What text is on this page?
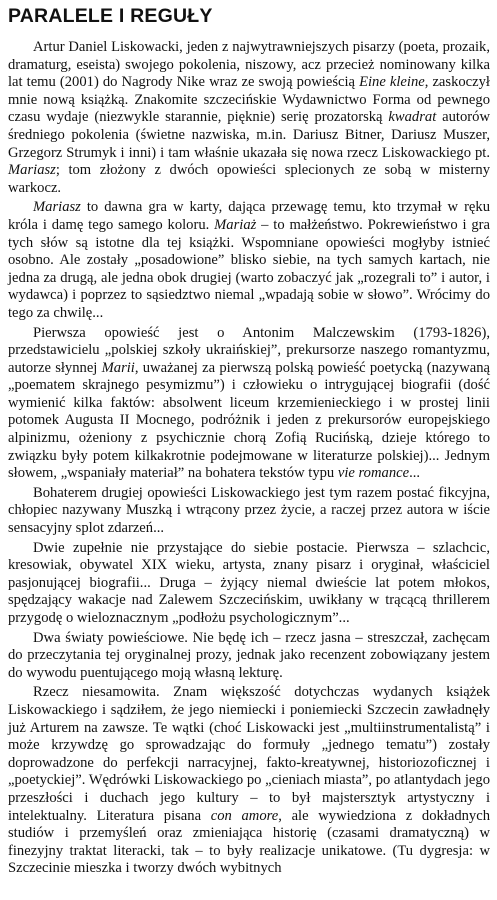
PARALELE I REGUŁY

Artur Daniel Liskowacki, jeden z najwytrawniejszych pisarzy (poeta, prozaik, dramaturg, eseista) swojego pokolenia, niszowy, acz przecież nominowany kilka lat temu (2001) do Nagrody Nike wraz ze swoją powieścią Eine kleine, zaskoczył mnie nową książką. Znakomite szczecińskie Wydawnictwo Forma od pewnego czasu wydaje (niezwykle starannie, pięknie) serię prozatorską kwadrat autorów średniego pokolenia (świetne nazwiska, m.in. Dariusz Bitner, Dariusz Muszer, Grzegorz Strumyk i inni) i tam właśnie ukazała się nowa rzecz Liskowackiego pt. Mariasz; tom złożony z dwóch opowieści splecionych ze sobą w misterny warkocz.

Mariasz to dawna gra w karty, dająca przewagę temu, kto trzymał w ręku króla i damę tego samego koloru. Mariaż – to małżeństwo. Pokrewieństwo i gra tych słów są istotne dla tej książki. Wspomniane opowieści mogłyby istnieć osobno. Ale zostały „posadowione” blisko siebie, na tych samych kartach, nie jedna za drugą, ale jedna obok drugiej (warto zobaczyć jak „rozegrali to” i autor, i wydawca) i poprzez to sąsiedztwo niemal „wpadają sobie w słowo”. Wrócimy do tego za chwilę...

Pierwsza opowieść jest o Antonim Malczewskim (1793-1826), przedstawicielu „polskiej szkoły ukraińskiej”, prekursorze naszego romantyzmu, autorze słynnej Marii, uważanej za pierwszą polską powieść poetycką (nazywaną „poematem skrajnego pesymizmu”) i człowieku o intrygującej biografii (dość wymienić kilka faktów: absolwent liceum krzemienieckiego i w prostej linii potomek Augusta II Mocnego, podróżnik i jeden z prekursorów europejskiego alpinizmu, ożeniony z psychicznie chorą Zofią Rucińską, dzieje którego to związku były potem kilkakrotnie podejmowane w literaturze polskiej)... Jednym słowem, „wspaniały materiał” na bohatera tekstów typu vie romance...

Bohaterem drugiej opowieści Liskowackiego jest tym razem postać fikcyjna, chłopiec nazywany Muszką i wtrącony przez życie, a raczej przez autora w iście sensacyjny splot zdarzeń...

Dwie zupełnie nie przystające do siebie postacie. Pierwsza – szlachcic, kresowiak, obywatel XIX wieku, artysta, znany pisarz i oryginał, właściciel pasjonującej biografii... Druga – żyjący niemal dwieście lat potem młokos, spędzający wakacje nad Zalewem Szczecińskim, uwikłany w trącącą thrillerem przygodę o wieloznacznym „podłożu psychologicznym”...

Dwa światy powieściowe. Nie będę ich – rzecz jasna – streszczał, zachęcam do przeczytania tej oryginalnej prozy, jednak jako recenzent zobowiązany jestem do wywodu puentującego moją własną lekturę.

Rzecz niesamowita. Znam większość dotychczas wydanych książek Liskowackiego i sądziłem, że jego niemiecki i poniemiecki Szczecin zawładnęły już Arturem na zawsze. Te wątki (choć Liskowacki jest „multiinstrumentalistą” i może krzywdzę go sprowadzając do formuły „jednego tematu”) zostały doprowadzone do perfekcji narracyjnej, fakto-kreatywnej, historiozoficznej i „poetyckiej”. Wędrówki Liskowackiego po „cieniach miasta”, po atlantydach jego przeszłości i duchach jego kultury – to był majstersztyk artystyczny i intelektualny. Literatura pisana con amore, ale wywiedziona z dokładnych studiów i przemyśleń oraz zmieniająca historię (czasami dramatyczną) w finezyjny traktat literacki, tak – to były realizacje unikatowe. (Tu dygresja: w Szczecinie mieszka i tworzy dwóch wybitnych
